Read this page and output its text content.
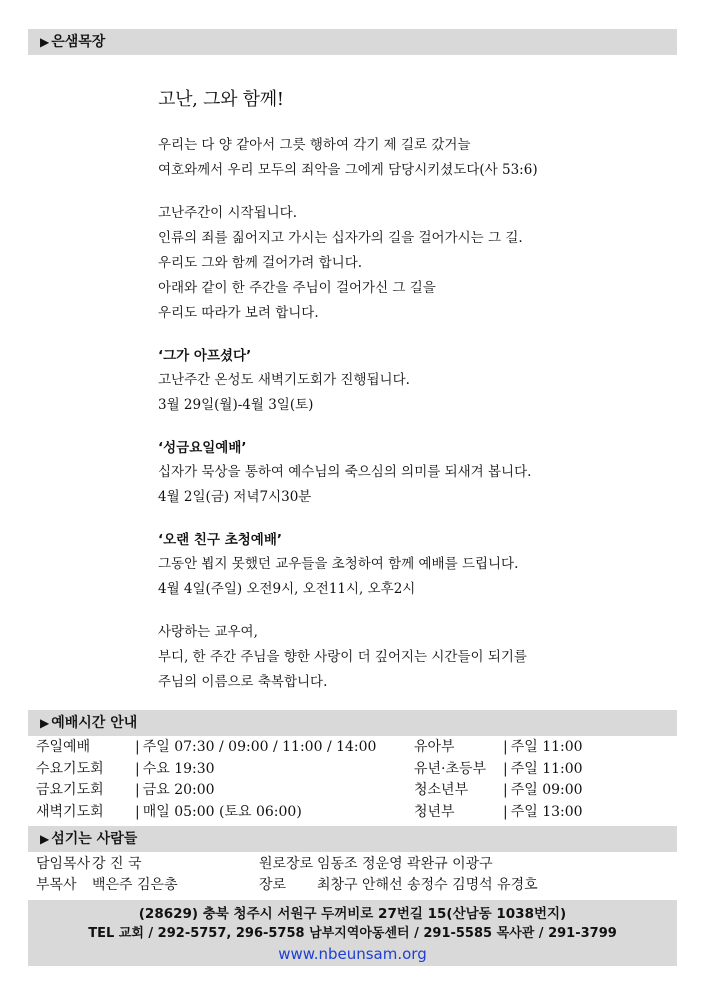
▶ 은샘목장
고난, 그와 함께!
우리는 다 양 같아서 그릇 행하여 각기 제 길로 갔거늘
여호와께서 우리 모두의 죄악을 그에게 담당시키셨도다(사 53:6)
고난주간이 시작됩니다.
인류의 죄를 짊어지고 가시는 십자가의 길을 걸어가시는 그 길.
우리도 그와 함께 걸어가려 합니다.
아래와 같이 한 주간을 주님이 걸어가신 그 길을
우리도 따라가 보려 합니다.
‘그가 아프셨다’
고난주간 온성도 새벽기도회가 진행됩니다.
3월 29일(월)-4월 3일(토)
‘성금요일예배’
십자가 묵상을 통하여 예수님의 죽으심의 의미를 되새겨 봅니다.
4월 2일(금) 저녁7시30분
‘오랜 친구 초청예배’
그동안 뵙지 못했던 교우들을 초청하여 함께 예배를 드립니다.
4월 4일(주일) 오전9시, 오전11시, 오후2시
사랑하는 교우여,
부디, 한 주간 주님을 향한 사랑이 더 깊어지는 시간들이 되기를
주님의 이름으로 축복합니다.
▶ 예배시간 안내
주일예배	| 주일 07:30 / 09:00 / 11:00 / 14:00	유아부	| 주일 11:00
수요기도회 | 수요 19:30	유년·초등부 | 주일 11:00
금요기도회 | 금요 20:00	청소년부 | 주일 09:00
새벽기도회 | 매일 05:00 (토요 06:00)	청년부	| 주일 13:00
▶ 섬기는 사람들
담임목사 강 진 국	원로장로 임동조 정운영 곽완규 이광구
부목사 백은주 김은총	장로 최창구 안해선 송정수 김명석 유경호
(28629) 충북 청주시 서원구 두꺼비로 27번길 15(산남동 1038번지)
TEL 교회 / 292-5757, 296-5758 남부지역아동센터 / 291-5585 목사관 / 291-3799
www.nbeunsam.org
